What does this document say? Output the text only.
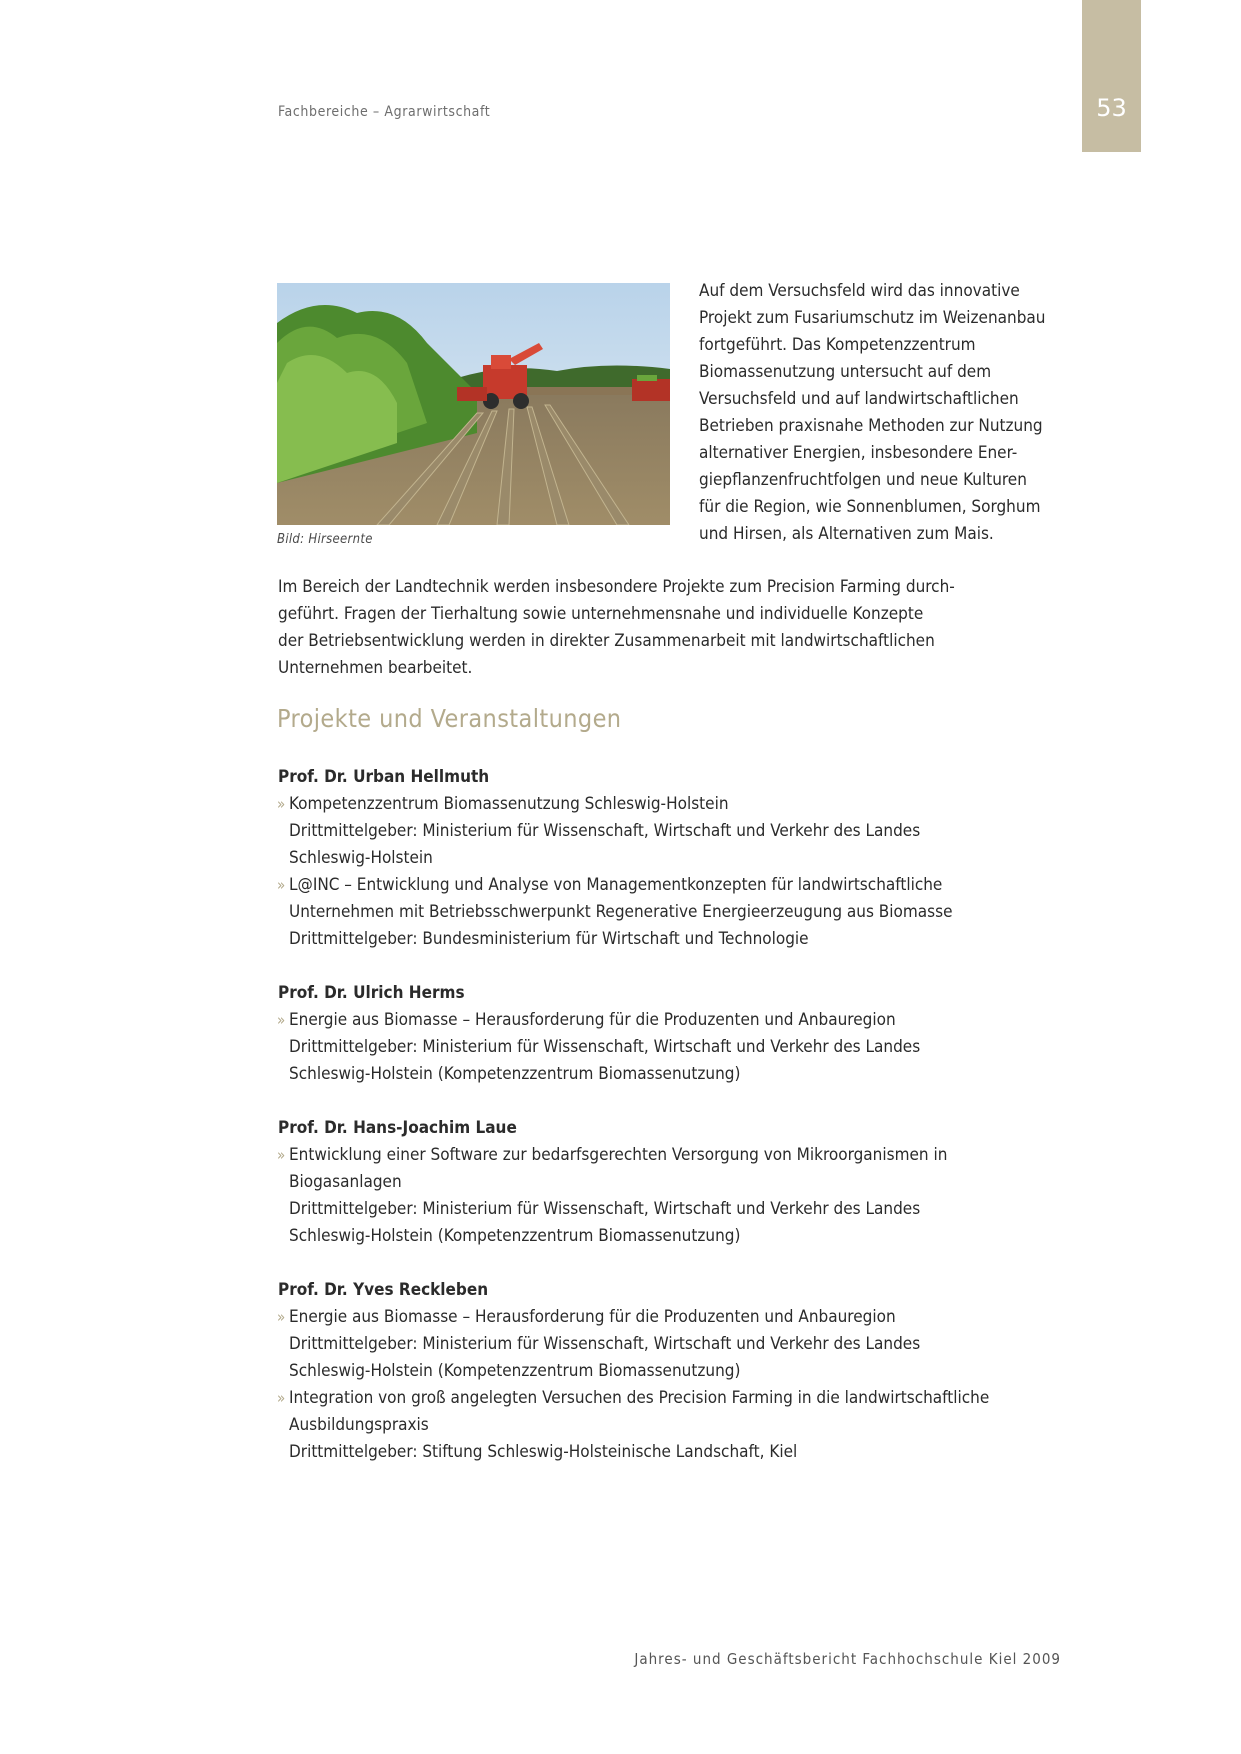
Fachbereiche – Agrarwirtschaft	53
Bild: Hirseernte
Auf dem Versuchsfeld wird das innovative
Projekt zum Fusariumschutz im Weizenanbau
fortgeführt. Das Kompetenzzentrum
Biomassenutzung untersucht auf dem
Versuchsfeld und auf landwirtschaftlichen
Betrieben praxisnahe Methoden zur Nutzung
alternativer Energien, insbesondere Ener-
giepflanzenfruchtfolgen und neue Kulturen
für die Region, wie Sonnenblumen, Sorghum
und Hirsen, als Alternativen zum Mais.
Im Bereich der Landtechnik werden insbesondere Projekte zum Precision Farming durch-
geführt. Fragen der Tierhaltung sowie unternehmensnahe und individuelle Konzepte
der Betriebsentwicklung werden in direkter Zusammenarbeit mit landwirtschaftlichen
Unternehmen bearbeitet.
Projekte und Veranstaltungen
Prof. Dr. Urban Hellmuth
» Kompetenzzentrum Biomassenutzung Schleswig-Holstein
Drittmittelgeber: Ministerium für Wissenschaft, Wirtschaft und Verkehr des Landes
Schleswig-Holstein
» L@INC – Entwicklung und Analyse von Managementkonzepten für landwirtschaftliche
Unternehmen mit Betriebsschwerpunkt Regenerative Energieerzeugung aus Biomasse
Drittmittelgeber: Bundesministerium für Wirtschaft und Technologie
Prof. Dr. Ulrich Herms
» Energie aus Biomasse – Herausforderung für die Produzenten und Anbauregion
Drittmittelgeber: Ministerium für Wissenschaft, Wirtschaft und Verkehr des Landes
Schleswig-Holstein (Kompetenzzentrum Biomassenutzung)
Prof. Dr. Hans-Joachim Laue
» Entwicklung einer Software zur bedarfsgerechten Versorgung von Mikroorganismen in
Biogasanlagen
Drittmittelgeber: Ministerium für Wissenschaft, Wirtschaft und Verkehr des Landes
Schleswig-Holstein (Kompetenzzentrum Biomassenutzung)
Prof. Dr. Yves Reckleben
» Energie aus Biomasse – Herausforderung für die Produzenten und Anbauregion
Drittmittelgeber: Ministerium für Wissenschaft, Wirtschaft und Verkehr des Landes
Schleswig-Holstein (Kompetenzzentrum Biomassenutzung)
» Integration von groß angelegten Versuchen des Precision Farming in die landwirtschaftliche
Ausbildungspraxis
Drittmittelgeber: Stiftung Schleswig-Holsteinische Landschaft, Kiel
Jahres- und Geschäftsbericht Fachhochschule Kiel 2009
